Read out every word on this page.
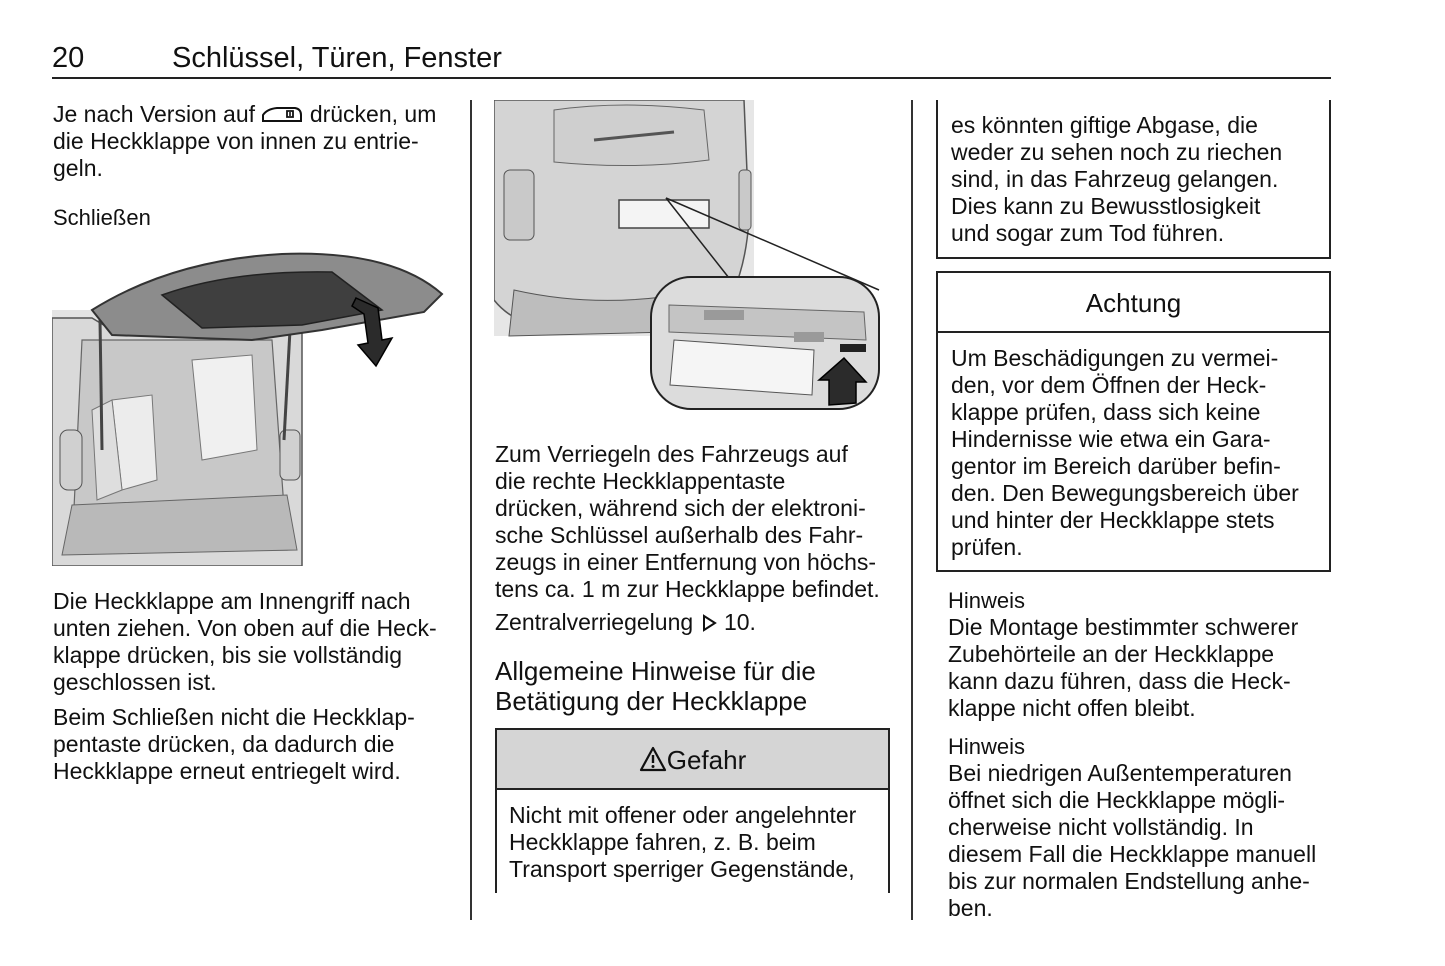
20	Schlüssel, Türen, Fenster

Je nach Version auf drücken, um

die Heckklappe von innen zu entrie-

geln.

Schließen

Die Heckklappe am Innengriff nach

unten ziehen. Von oben auf die Heck-

klappe drücken, bis sie vollständig

geschlossen ist.

Beim Schließen nicht die Heckklap-

pentaste drücken, da dadurch die

Heckklappe erneut entriegelt wird.

Zum Verriegeln des Fahrzeugs auf

die rechte Heckklappentaste

drücken, während sich der elektroni-

sche Schlüssel außerhalb des Fahr-

zeugs in einer Entfernung von höchs-

tens ca. 1 m zur Heckklappe befindet.

Zentralverriegelung 10.

Allgemeine Hinweise für die

Betätigung der Heckklappe

Gefahr

Nicht mit offener oder angelehnter

Heckklappe fahren, z. B. beim

Transport sperriger Gegenstände,

es könnten giftige Abgase, die

weder zu sehen noch zu riechen

sind, in das Fahrzeug gelangen.

Dies kann zu Bewusstlosigkeit

und sogar zum Tod führen.

Achtung

Um Beschädigungen zu vermei-

den, vor dem Öffnen der Heck-

klappe prüfen, dass sich keine

Hindernisse wie etwa ein Gara-

gentor im Bereich darüber befin-

den. Den Bewegungsbereich über

und hinter der Heckklappe stets

prüfen.

Hinweis

Die Montage bestimmter schwerer

Zubehörteile an der Heckklappe

kann dazu führen, dass die Heck-

klappe nicht offen bleibt.

Hinweis

Bei niedrigen Außentemperaturen

öffnet sich die Heckklappe mögli-

cherweise nicht vollständig. In

diesem Fall die Heckklappe manuell

bis zur normalen Endstellung anhe-

ben.
